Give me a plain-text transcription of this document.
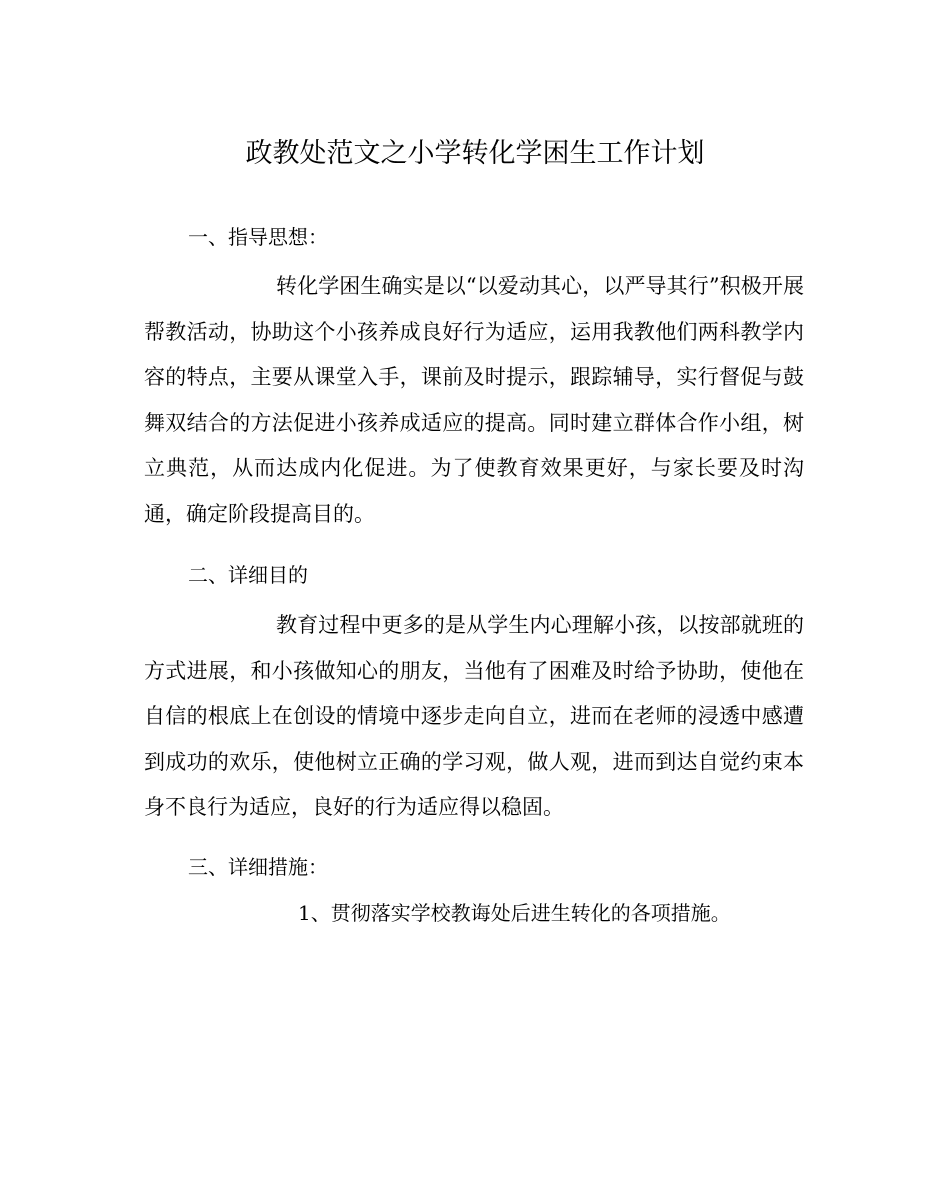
政教处范文之小学转化学困生工作计划
一、指导思想：

转化学困生确实是以“以爱动其心，以严导其行”积极开展帮教活动，协助这个小孩养成良好行为适应，运用我教他们两科教学内容的特点，主要从课堂入手，课前及时提示，跟踪辅导，实行督促与鼓舞双结合的方法促进小孩养成适应的提高。同时建立群体合作小组，树立典范，从而达成内化促进。为了使教育效果更好，与家长要及时沟通，确定阶段提高目的。

二、详细目的

教育过程中更多的是从学生内心理解小孩，以按部就班的方式进展，和小孩做知心的朋友，当他有了困难及时给予协助，使他在自信的根底上在创设的情境中逐步走向自立，进而在老师的浸透中感遭到成功的欢乐，使他树立正确的学习观，做人观，进而到达自觉约束本身不良行为适应，良好的行为适应得以稳固。

三、详细措施：

1、贯彻落实学校教诲处后进生转化的各项措施。
